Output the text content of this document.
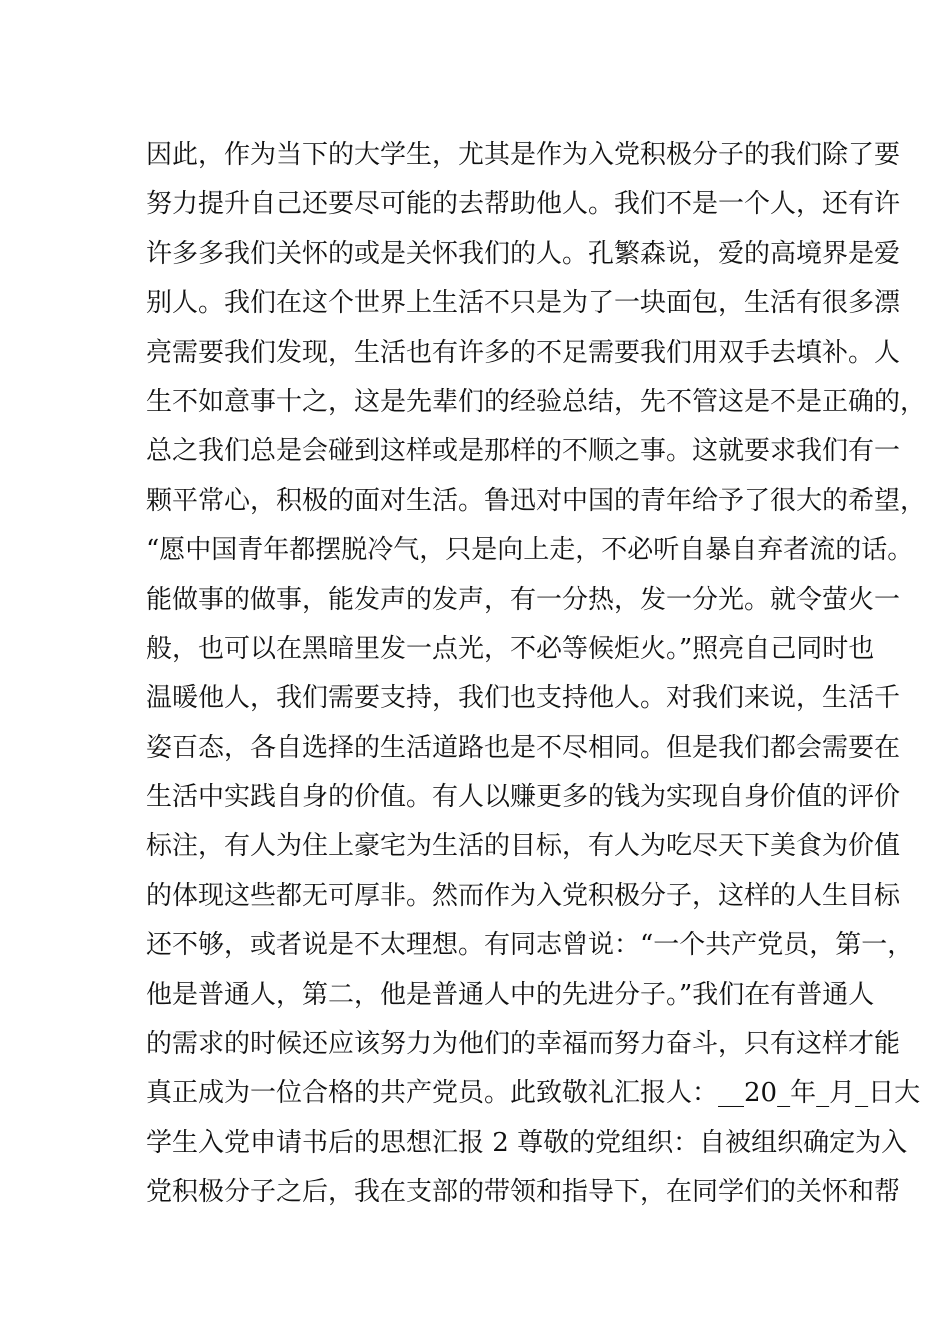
因此，作为当下的大学生，尤其是作为入党积极分子的我们除了要
努力提升自己还要尽可能的去帮助他人。我们不是一个人，还有许
许多多我们关怀的或是关怀我们的人。孔繁森说，爱的高境界是爱
别人。我们在这个世界上生活不只是为了一块面包，生活有很多漂
亮需要我们发现，生活也有许多的不足需要我们用双手去填补。人
生不如意事十之，这是先辈们的经验总结，先不管这是不是正确的，
总之我们总是会碰到这样或是那样的不顺之事。这就要求我们有一
颗平常心，积极的面对生活。鲁迅对中国的青年给予了很大的希望，
“愿中国青年都摆脱冷气，只是向上走，不必听自暴自弃者流的话。
能做事的做事，能发声的发声，有一分热，发一分光。就令萤火一
般，也可以在黑暗里发一点光，不必等候炬火。”照亮自己同时也
温暖他人，我们需要支持，我们也支持他人。对我们来说，生活千
姿百态，各自选择的生活道路也是不尽相同。但是我们都会需要在
生活中实践自身的价值。有人以赚更多的钱为实现自身价值的评价
标注，有人为住上豪宅为生活的目标，有人为吃尽天下美食为价值
的体现这些都无可厚非。然而作为入党积极分子，这样的人生目标
还不够，或者说是不太理想。有同志曾说：“一个共产党员，第一，
他是普通人，第二，他是普通人中的先进分子。”我们在有普通人
的需求的时候还应该努力为他们的幸福而努力奋斗，只有这样才能
真正成为一位合格的共产党员。此致敬礼汇报人：__20_年_月_日大
学生入党申请书后的思想汇报 2 尊敬的党组织：自被组织确定为入
党积极分子之后，我在支部的带领和指导下，在同学们的关怀和帮
